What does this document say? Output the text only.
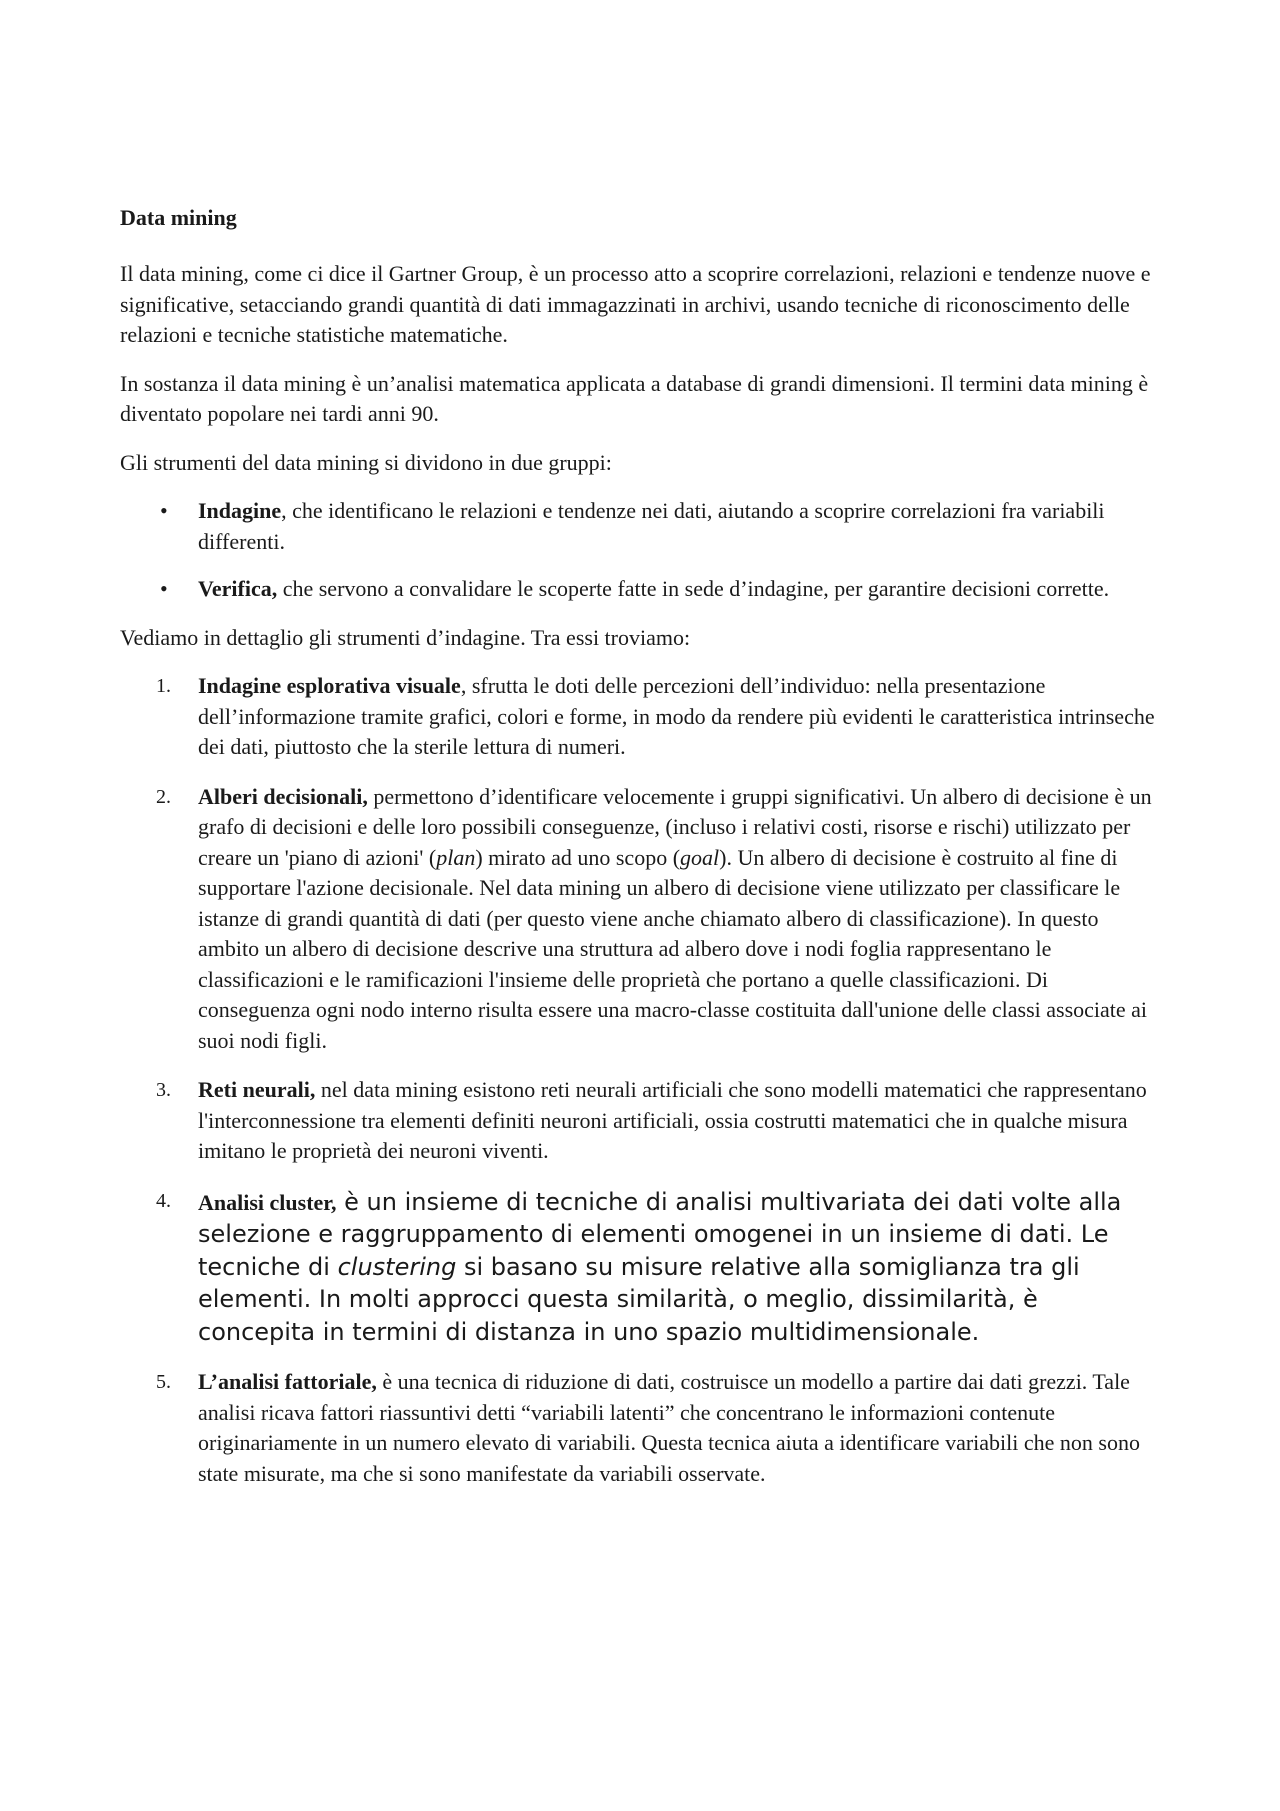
Data mining

Il data mining, come ci dice il Gartner Group, è un processo atto a scoprire correlazioni, relazioni e tendenze nuove e significative, setacciando grandi quantità di dati immagazzinati in archivi, usando tecniche di riconoscimento delle relazioni e tecniche statistiche matematiche.

In sostanza il data mining è un’analisi matematica applicata a database di grandi dimensioni. Il termini data mining è diventato popolare nei tardi anni 90.

Gli strumenti del data mining si dividono in due gruppi:

• Indagine, che identificano le relazioni e tendenze nei dati, aiutando a scoprire correlazioni fra variabili differenti.
• Verifica, che servono a convalidare le scoperte fatte in sede d’indagine, per garantire decisioni corrette.

Vediamo in dettaglio gli strumenti d’indagine. Tra essi troviamo:

1. Indagine esplorativa visuale, sfrutta le doti delle percezioni dell’individuo: nella presentazione dell’informazione tramite grafici, colori e forme, in modo da rendere più evidenti le caratteristica intrinseche dei dati, piuttosto che la sterile lettura di numeri.
2. Alberi decisionali, permettono d’identificare velocemente i gruppi significativi. Un albero di decisione è un grafo di decisioni e delle loro possibili conseguenze, (incluso i relativi costi, risorse e rischi) utilizzato per creare un 'piano di azioni' (plan) mirato ad uno scopo (goal). Un albero di decisione è costruito al fine di supportare l'azione decisionale. Nel data mining un albero di decisione viene utilizzato per classificare le istanze di grandi quantità di dati (per questo viene anche chiamato albero di classificazione). In questo ambito un albero di decisione descrive una struttura ad albero dove i nodi foglia rappresentano le classificazioni e le ramificazioni l'insieme delle proprietà che portano a quelle classificazioni. Di conseguenza ogni nodo interno risulta essere una macro-classe costituita dall'unione delle classi associate ai suoi nodi figli.
3. Reti neurali, nel data mining esistono reti neurali artificiali che sono modelli matematici che rappresentano l'interconnessione tra elementi definiti neuroni artificiali, ossia costrutti matematici che in qualche misura imitano le proprietà dei neuroni viventi.
4. Analisi cluster, è un insieme di tecniche di analisi multivariata dei dati volte alla selezione e raggruppamento di elementi omogenei in un insieme di dati. Le tecniche di clustering si basano su misure relative alla somiglianza tra gli elementi. In molti approcci questa similarità, o meglio, dissimilarità, è concepita in termini di distanza in uno spazio multidimensionale.
5. L’analisi fattoriale, è una tecnica di riduzione di dati, costruisce un modello a partire dai dati grezzi. Tale analisi ricava fattori riassuntivi detti “variabili latenti” che concentrano le informazioni contenute originariamente in un numero elevato di variabili. Questa tecnica aiuta a identificare variabili che non sono state misurate, ma che si sono manifestate da variabili osservate.
